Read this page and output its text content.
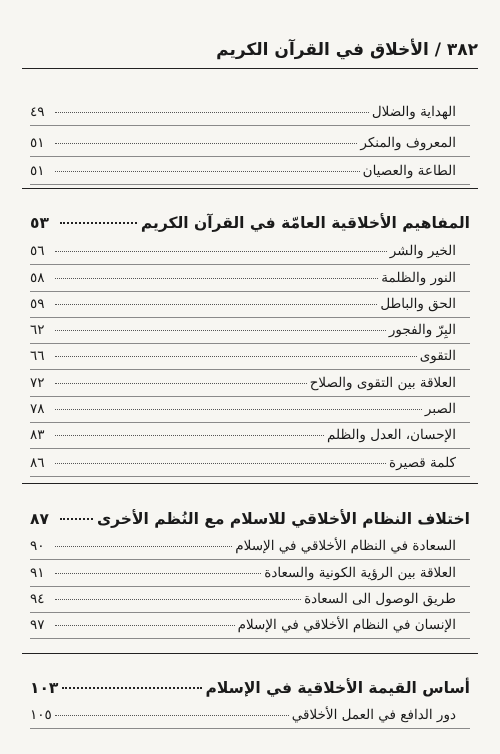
٣٨٢ / الأخلاق في القرآن الكريم
الهداية والضلال
٤٩
المعروف والمنكر
٥١
الطاعة والعصيان
٥١
المفاهيم الأخلاقية العامّة في القرآن الكريم
٥٣
الخير والشر
٥٦
النور والظلمة
٥٨
الحق والباطل
٥٩
البِرّ والفجور
٦٢
التقوى
٦٦
العلاقة بين التقوى والصلاح
٧٢
الصبر
٧٨
الإحسان، العدل والظلم
٨٣
كلمة قصيرة
٨٦
اختلاف النظام الأخلاقي للاسلام مع النُظم الأخرى
٨٧
السعادة في النظام الأخلاقي في الإسلام
٩٠
العلاقة بين الرؤية الكونية والسعادة
٩١
طريق الوصول الى السعادة
٩٤
الإنسان في النظام الأخلاقي في الإسلام
٩٧
أساس القيمة الأخلاقية في الإسلام
١٠٣
دور الدافع في العمل الأخلاقي
١٠٥
